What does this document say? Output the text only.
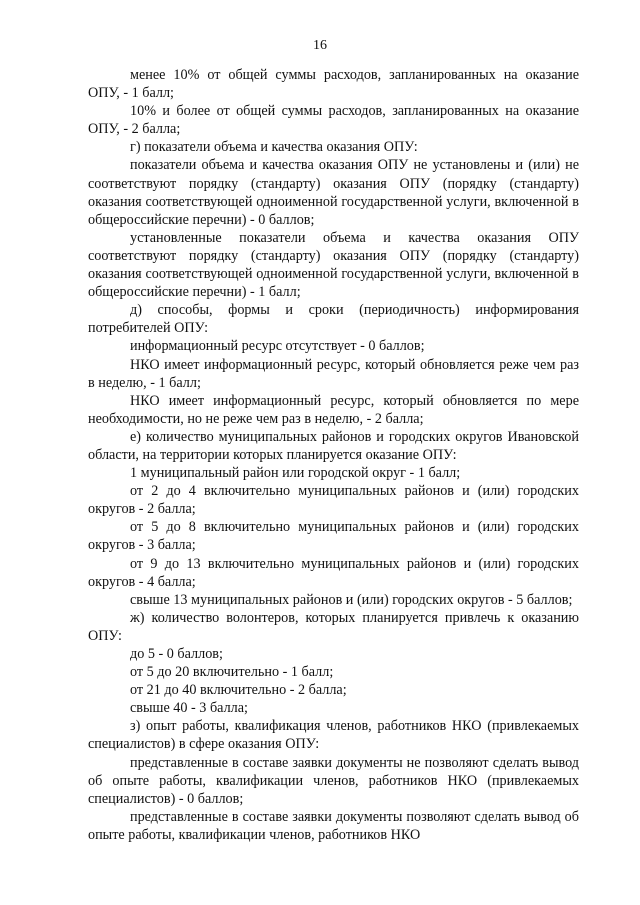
16

менее 10% от общей суммы расходов, запланированных на оказание ОПУ, - 1 балл;

10% и более от общей суммы расходов, запланированных на оказание ОПУ, - 2 балла;

г) показатели объема и качества оказания ОПУ:

показатели объема и качества оказания ОПУ не установлены и (или) не соответствуют порядку (стандарту) оказания ОПУ (порядку (стандарту) оказания соответствующей одноименной государственной услуги, включенной в общероссийские перечни) - 0 баллов;

установленные показатели объема и качества оказания ОПУ соответствуют порядку (стандарту) оказания ОПУ (порядку (стандарту) оказания соответствующей одноименной государственной услуги, включенной в общероссийские перечни) - 1 балл;

д) способы, формы и сроки (периодичность) информирования потребителей ОПУ:

информационный ресурс отсутствует - 0 баллов;

НКО имеет информационный ресурс, который обновляется реже чем раз в неделю, - 1 балл;

НКО имеет информационный ресурс, который обновляется по мере необходимости, но не реже чем раз в неделю, - 2 балла;

е) количество муниципальных районов и городских округов Ивановской области, на территории которых планируется оказание ОПУ:

1 муниципальный район или городской округ - 1 балл;

от 2 до 4 включительно муниципальных районов и (или) городских округов - 2 балла;

от 5 до 8 включительно муниципальных районов и (или) городских округов - 3 балла;

от 9 до 13 включительно муниципальных районов и (или) городских округов - 4 балла;

свыше 13 муниципальных районов и (или) городских округов - 5 баллов;

ж) количество волонтеров, которых планируется привлечь к оказанию ОПУ:

до 5 - 0 баллов;

от 5 до 20 включительно - 1 балл;

от 21 до 40 включительно - 2 балла;

свыше 40 - 3 балла;

з) опыт работы, квалификация членов, работников НКО (привлекаемых специалистов) в сфере оказания ОПУ:

представленные в составе заявки документы не позволяют сделать вывод об опыте работы, квалификации членов, работников НКО (привлекаемых специалистов) - 0 баллов;

представленные в составе заявки документы позволяют сделать вывод об опыте работы, квалификации членов, работников НКО
